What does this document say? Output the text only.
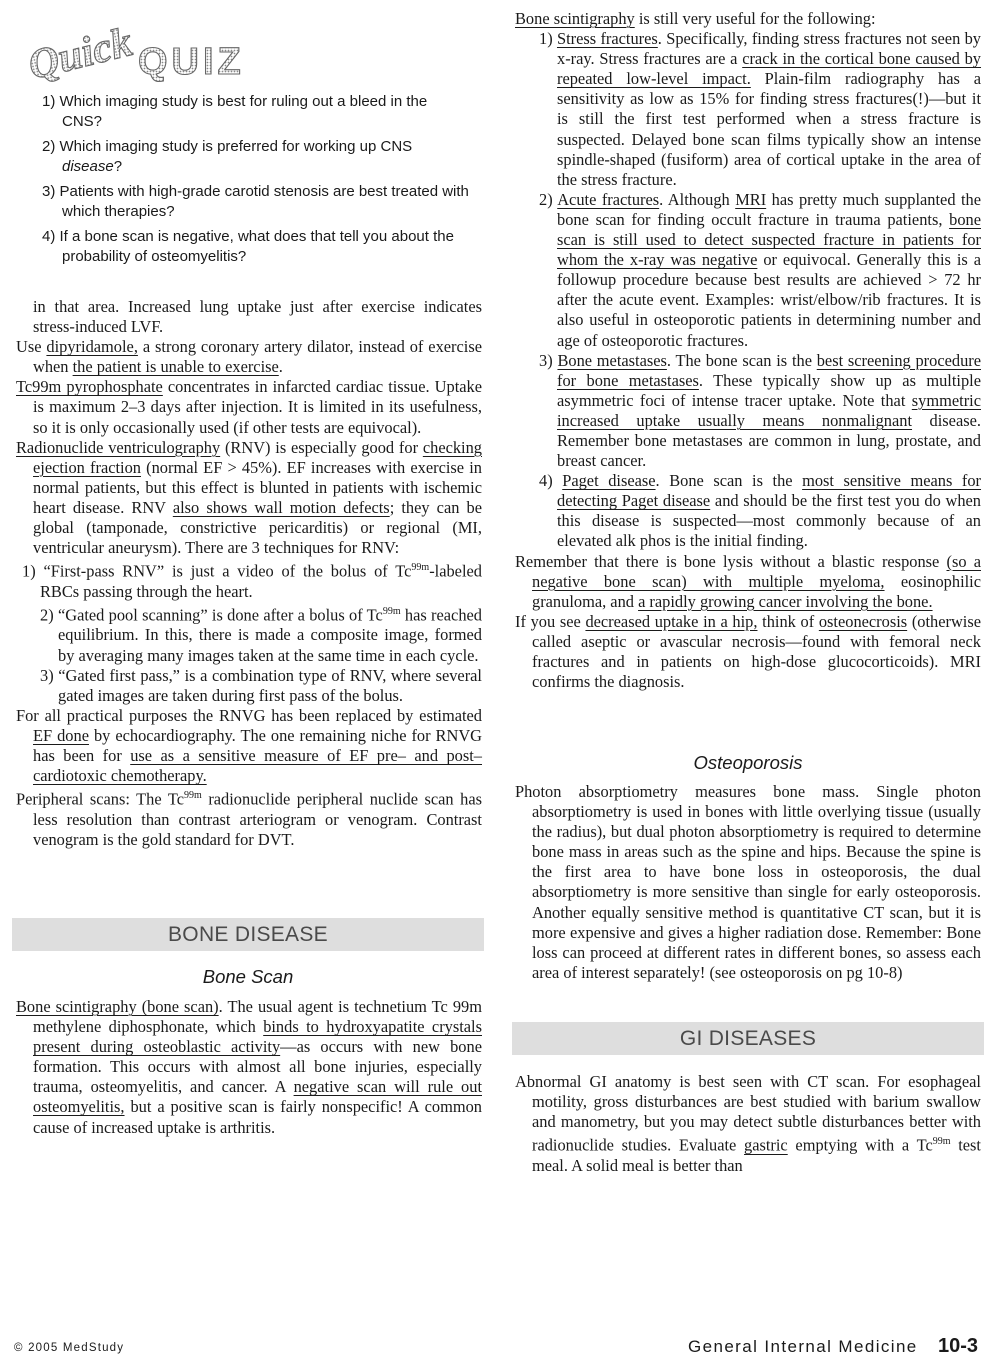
Quick QUIZ

1) Which imaging study is best for ruling out a bleed in the CNS?

2) Which imaging study is preferred for working up CNS disease?

3) Patients with high-grade carotid stenosis are best treated with which therapies?

4) If a bone scan is negative, what does that tell you about the probability of osteomyelitis?

in that area. Increased lung uptake just after exercise indicates stress-induced LVF.

Use dipyridamole, a strong coronary artery dilator, instead of exercise when the patient is unable to exercise.

Tc99m pyrophosphate concentrates in infarcted cardiac tissue. Uptake is maximum 2–3 days after injection. It is limited in its usefulness, so it is only occasionally used (if other tests are equivocal).

Radionuclide ventriculography (RNV) is especially good for checking ejection fraction (normal EF > 45%). EF increases with exercise in normal patients, but this effect is blunted in patients with ischemic heart disease. RNV also shows wall motion defects; they can be global (tamponade, constrictive pericarditis) or regional (MI, ventricular aneurysm). There are 3 techniques for RNV:

1) “First-pass RNV” is just a video of the bolus of $Tc^{99m}$-labeled RBCs passing through the heart.

2) “Gated pool scanning” is done after a bolus of $Tc^{99m}$ has reached equilibrium. In this, there is made a composite image, formed by averaging many images taken at the same time in each cycle.

3) “Gated first pass,” is a combination type of RNV, where several gated images are taken during first pass of the bolus.

For all practical purposes the RNVG has been replaced by estimated EF done by echocardiography. The one remaining niche for RNVG has been for use as a sensitive measure of EF pre– and post–cardiotoxic chemotherapy.

Peripheral scans: The $Tc^{99m}$ radionuclide peripheral nuclide scan has less resolution than contrast arteriogram or venogram. Contrast venogram is the gold standard for DVT.

BONE DISEASE
Bone Scan

Bone scintigraphy (bone scan). The usual agent is technetium Tc 99m methylene diphosphonate, which binds to hydroxyapatite crystals present during osteoblastic activity—as occurs with new bone formation. This occurs with almost all bone injuries, especially trauma, osteomyelitis, and cancer. A negative scan will rule out osteomyelitis, but a positive scan is fairly nonspecific! A common cause of increased uptake is arthritis.

Bone scintigraphy is still very useful for the following:

1) Stress fractures. Specifically, finding stress fractures not seen by x-ray. Stress fractures are a crack in the cortical bone caused by repeated low-level impact. Plain-film radiography has a sensitivity as low as 15% for finding stress fractures(!)—but it is still the first test performed when a stress fracture is suspected. Delayed bone scan films typically show an intense spindle-shaped (fusiform) area of cortical uptake in the area of the stress fracture.

2) Acute fractures. Although MRI has pretty much supplanted the bone scan for finding occult fracture in trauma patients, bone scan is still used to detect suspected fracture in patients for whom the x-ray was negative or equivocal. Generally this is a followup procedure because best results are achieved > 72 hr after the acute event. Examples: wrist/elbow/rib fractures. It is also useful in osteoporotic patients in determining number and age of osteoporotic fractures.

3) Bone metastases. The bone scan is the best screening procedure for bone metastases. These typically show up as multiple asymmetric foci of intense tracer uptake. Note that symmetric increased uptake usually means nonmalignant disease. Remember bone metastases are common in lung, prostate, and breast cancer.

4) Paget disease. Bone scan is the most sensitive means for detecting Paget disease and should be the first test you do when this disease is suspected—most commonly because of an elevated alk phos is the initial finding.

Remember that there is bone lysis without a blastic response (so a negative bone scan) with multiple myeloma, eosinophilic granuloma, and a rapidly growing cancer involving the bone.

If you see decreased uptake in a hip, think of osteonecrosis (otherwise called aseptic or avascular necrosis—found with femoral neck fractures and in patients on high-dose glucocorticoids). MRI confirms the diagnosis.

Osteoporosis

Photon absorptiometry measures bone mass. Single photon absorptiometry is used in bones with little overlying tissue (usually the radius), but dual photon absorptiometry is required to determine bone mass in areas such as the spine and hips. Because the spine is the first area to have bone loss in osteoporosis, the dual absorptiometry is more sensitive than single for early osteoporosis. Another equally sensitive method is quantitative CT scan, but it is more expensive and gives a higher radiation dose. Remember: Bone loss can proceed at different rates in different bones, so assess each area of interest separately! (see osteoporosis on pg 10-8)

GI DISEASES

Abnormal GI anatomy is best seen with CT scan. For esophageal motility, gross disturbances are best studied with barium swallow and manometry, but you may detect subtle disturbances better with radionuclide studies. Evaluate gastric emptying with a $Tc^{99m}$ test meal. A solid meal is better than

© 2005 MedStudy	General Internal Medicine 10-3
